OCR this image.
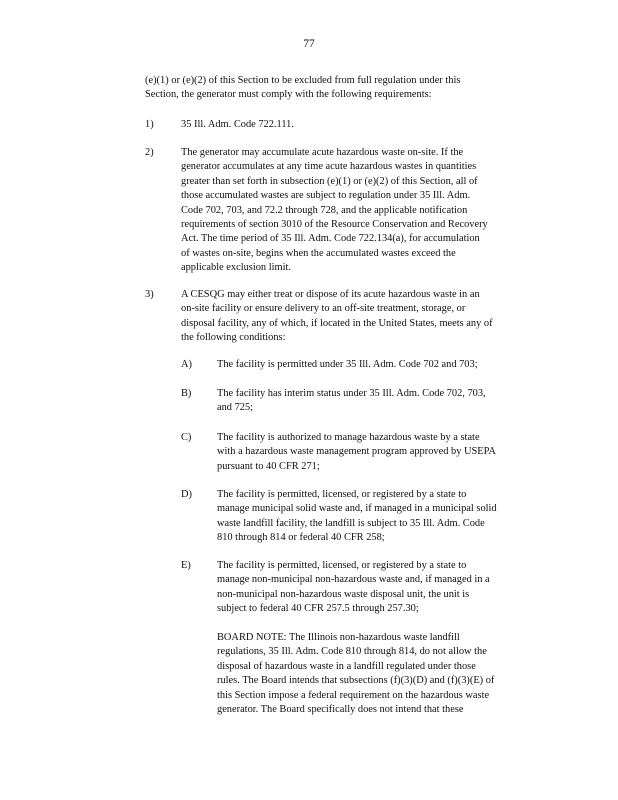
77
(e)(1) or (e)(2) of this Section to be excluded from full regulation under this
Section, the generator must comply with the following requirements:
1)	35 Ill. Adm. Code 722.111.
2)	The generator may accumulate acute hazardous waste on-site. If the
generator accumulates at any time acute hazardous wastes in quantities
greater than set forth in subsection (e)(1) or (e)(2) of this Section, all of
those accumulated wastes are subject to regulation under 35 Ill. Adm.
Code 702, 703, and 72.2 through 728, and the applicable notification
requirements of section 3010 of the Resource Conservation and Recovery
Act. The time period of 35 Ill. Adm. Code 722.134(a), for accumulation
of wastes on-site, begins when the accumulated wastes exceed the
applicable exclusion limit.
3)	A CESQG may either treat or dispose of its acute hazardous waste in an
on-site facility or ensure delivery to an off-site treatment, storage, or
disposal facility, any of which, if located in the United States, meets any of
the following conditions:
A) The facility is permitted under 35 Ill. Adm. Code 702 and 703;
B) The facility has interim status under 35 Ill. Adm. Code 702, 703,
and 725;
C) The facility is authorized to manage hazardous waste by a state
with a hazardous waste management program approved by USEPA
pursuant to 40 CFR 271;
D) The facility is permitted, licensed, or registered by a state to
manage municipal solid waste and, if managed in a municipal solid
waste landfill facility, the landfill is subject to 35 Ill. Adm. Code
810 through 814 or federal 40 CFR 258;
E)	The facility is permitted, licensed, or registered by a state to
manage non-municipal non-hazardous waste and, if managed in a
non-municipal non-hazardous waste disposal unit, the unit is
subject to federal 40 CFR 257.5 through 257.30;
BOARD NOTE: The Illinois non-hazardous waste landfill
regulations, 35 Ill. Adm. Code 810 through 814, do not allow the
disposal of hazardous waste in a landfill regulated under those
rules. The Board intends that subsections (f)(3)(D) and (f)(3)(E) of
this Section impose a federal requirement on the hazardous waste
generator. The Board specifically does not intend that these
